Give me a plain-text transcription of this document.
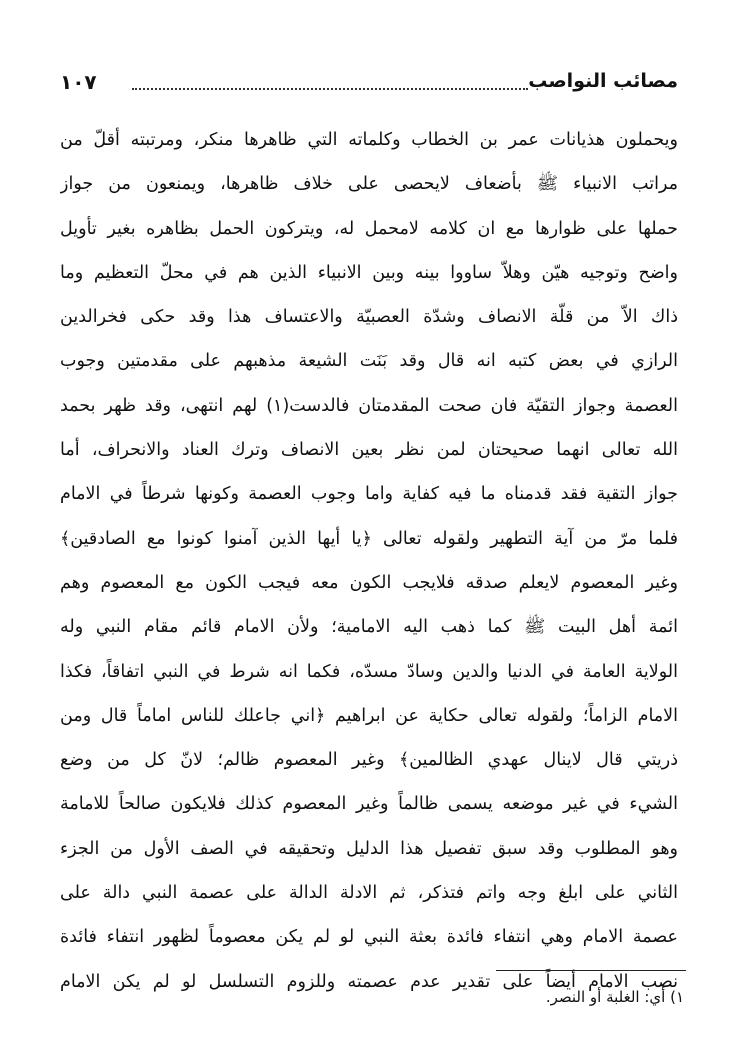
مصائب النواصب
١٠٧
ويحملون هذيانات عمر بن الخطاب وكلماته التي ظاهرها منكر، ومرتبته أقلّ من
مراتب الانبياء ﷺ بأضعاف لايحصى على خلاف ظاهرها، ويمنعون من جواز
حملها على ظوارها مع ان كلامه لامحمل له، ويتركون الحمل بظاهره بغير تأويل
واضح وتوجيه هيّن وهلاّ ساووا بينه وبين الانبياء الذين هم في محلّ التعظيم وما
ذاك الاّ من قلّة الانصاف وشدّة العصبيّة والاعتساف هذا وقد حكى فخرالدين
الرازي في بعض كتبه انه قال وقد بَنَت الشيعة مذهبهم على مقدمتين وجوب
العصمة وجواز التقيّة فان صحت المقدمتان فالدست(١) لهم انتهى، وقد ظهر بحمد
الله تعالى انهما صحيحتان لمن نظر بعين الانصاف وترك العناد والانحراف، أما
جواز التقية فقد قدمناه ما فيه كفاية واما وجوب العصمة وكونها شرطاً في الامام
فلما مرّ من آية التطهير ولقوله تعالى ﴿يا أيها الذين آمنوا كونوا مع الصادقين﴾
وغير المعصوم لايعلم صدقه فلايجب الكون معه فيجب الكون مع المعصوم وهم
ائمة أهل البيت ﷺ كما ذهب اليه الامامية؛ ولأن الامام قائم مقام النبي وله
الولاية العامة في الدنيا والدين وسادّ مسدّه، فكما انه شرط في النبي اتفاقاً، فكذا
الامام الزاماً؛ ولقوله تعالى حكاية عن ابراهيم ﴿اني جاعلك للناس اماماً قال ومن
ذريتي قال لاينال عهدي الظالمين﴾ وغير المعصوم ظالم؛ لانّ كل من وضع
الشيء في غير موضعه يسمى ظالماً وغير المعصوم كذلك فلايكون صالحاً للامامة
وهو المطلوب وقد سبق تفصيل هذا الدليل وتحقيقه في الصف الأول من الجزء
الثاني على ابلغ وجه واتم فتذكر، ثم الادلة الدالة على عصمة النبي دالة على
عصمة الامام وهي انتفاء فائدة بعثة النبي لو لم يكن معصوماً لظهور انتفاء فائدة
نصب الامام أيضاً على تقدير عدم عصمته وللزوم التسلسل لو لم يكن الامام
١) أي: الغلبة أو النصر.
